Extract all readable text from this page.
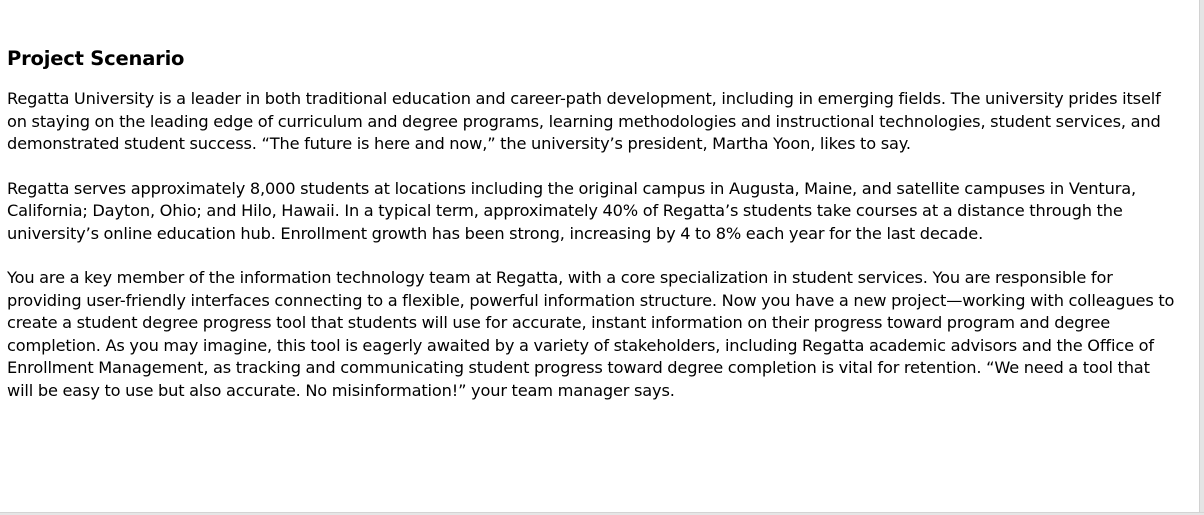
Project Scenario

Regatta University is a leader in both traditional education and career-path development, including in emerging fields. The university prides itself on staying on the leading edge of curriculum and degree programs, learning methodologies and instructional technologies, student services, and demonstrated student success. “The future is here and now,” the university’s president, Martha Yoon, likes to say.

Regatta serves approximately 8,000 students at locations including the original campus in Augusta, Maine, and satellite campuses in Ventura, California; Dayton, Ohio; and Hilo, Hawaii. In a typical term, approximately 40% of Regatta’s students take courses at a distance through the university’s online education hub. Enrollment growth has been strong, increasing by 4 to 8% each year for the last decade.

You are a key member of the information technology team at Regatta, with a core specialization in student services. You are responsible for providing user-friendly interfaces connecting to a flexible, powerful information structure. Now you have a new project—working with colleagues to create a student degree progress tool that students will use for accurate, instant information on their progress toward program and degree completion. As you may imagine, this tool is eagerly awaited by a variety of stakeholders, including Regatta academic advisors and the Office of Enrollment Management, as tracking and communicating student progress toward degree completion is vital for retention. “We need a tool that will be easy to use but also accurate. No misinformation!” your team manager says.
